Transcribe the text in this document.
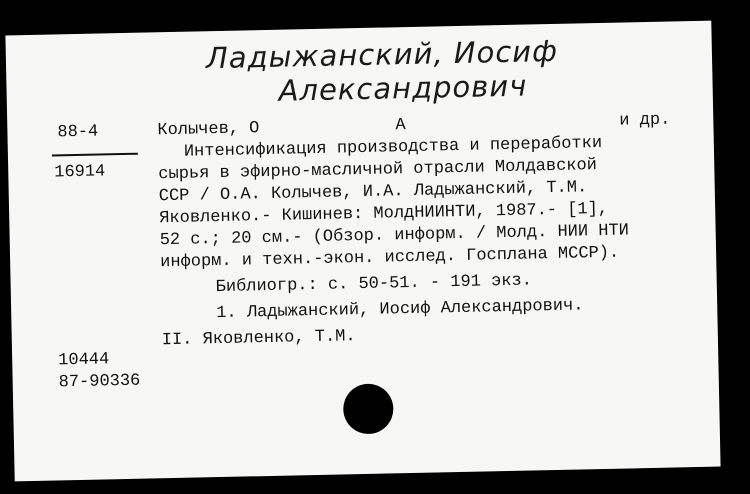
Ладыжанский, Иосиф
Александрович
88-4
16914
Колычев, О	А	и др.
Интенсификация производства и переработки
сырья в эфирно-масличной отрасли Молдавской
ССР / О.А. Колычев, И.А. Ладыжанский, Т.М.
Яковленко.- Кишинев: МолдНИИНТИ, 1987.- [1],
52 с.; 20 см.- (Обзор. информ. / Молд. НИИ НТИ
информ. и техн.-экон. исслед. Госплана МССР).
Библиогр.: с. 50-51. - 191 экз.
1. Ладыжанский, Иосиф Александрович.
II. Яковленко, Т.М.
10444
87-90336
